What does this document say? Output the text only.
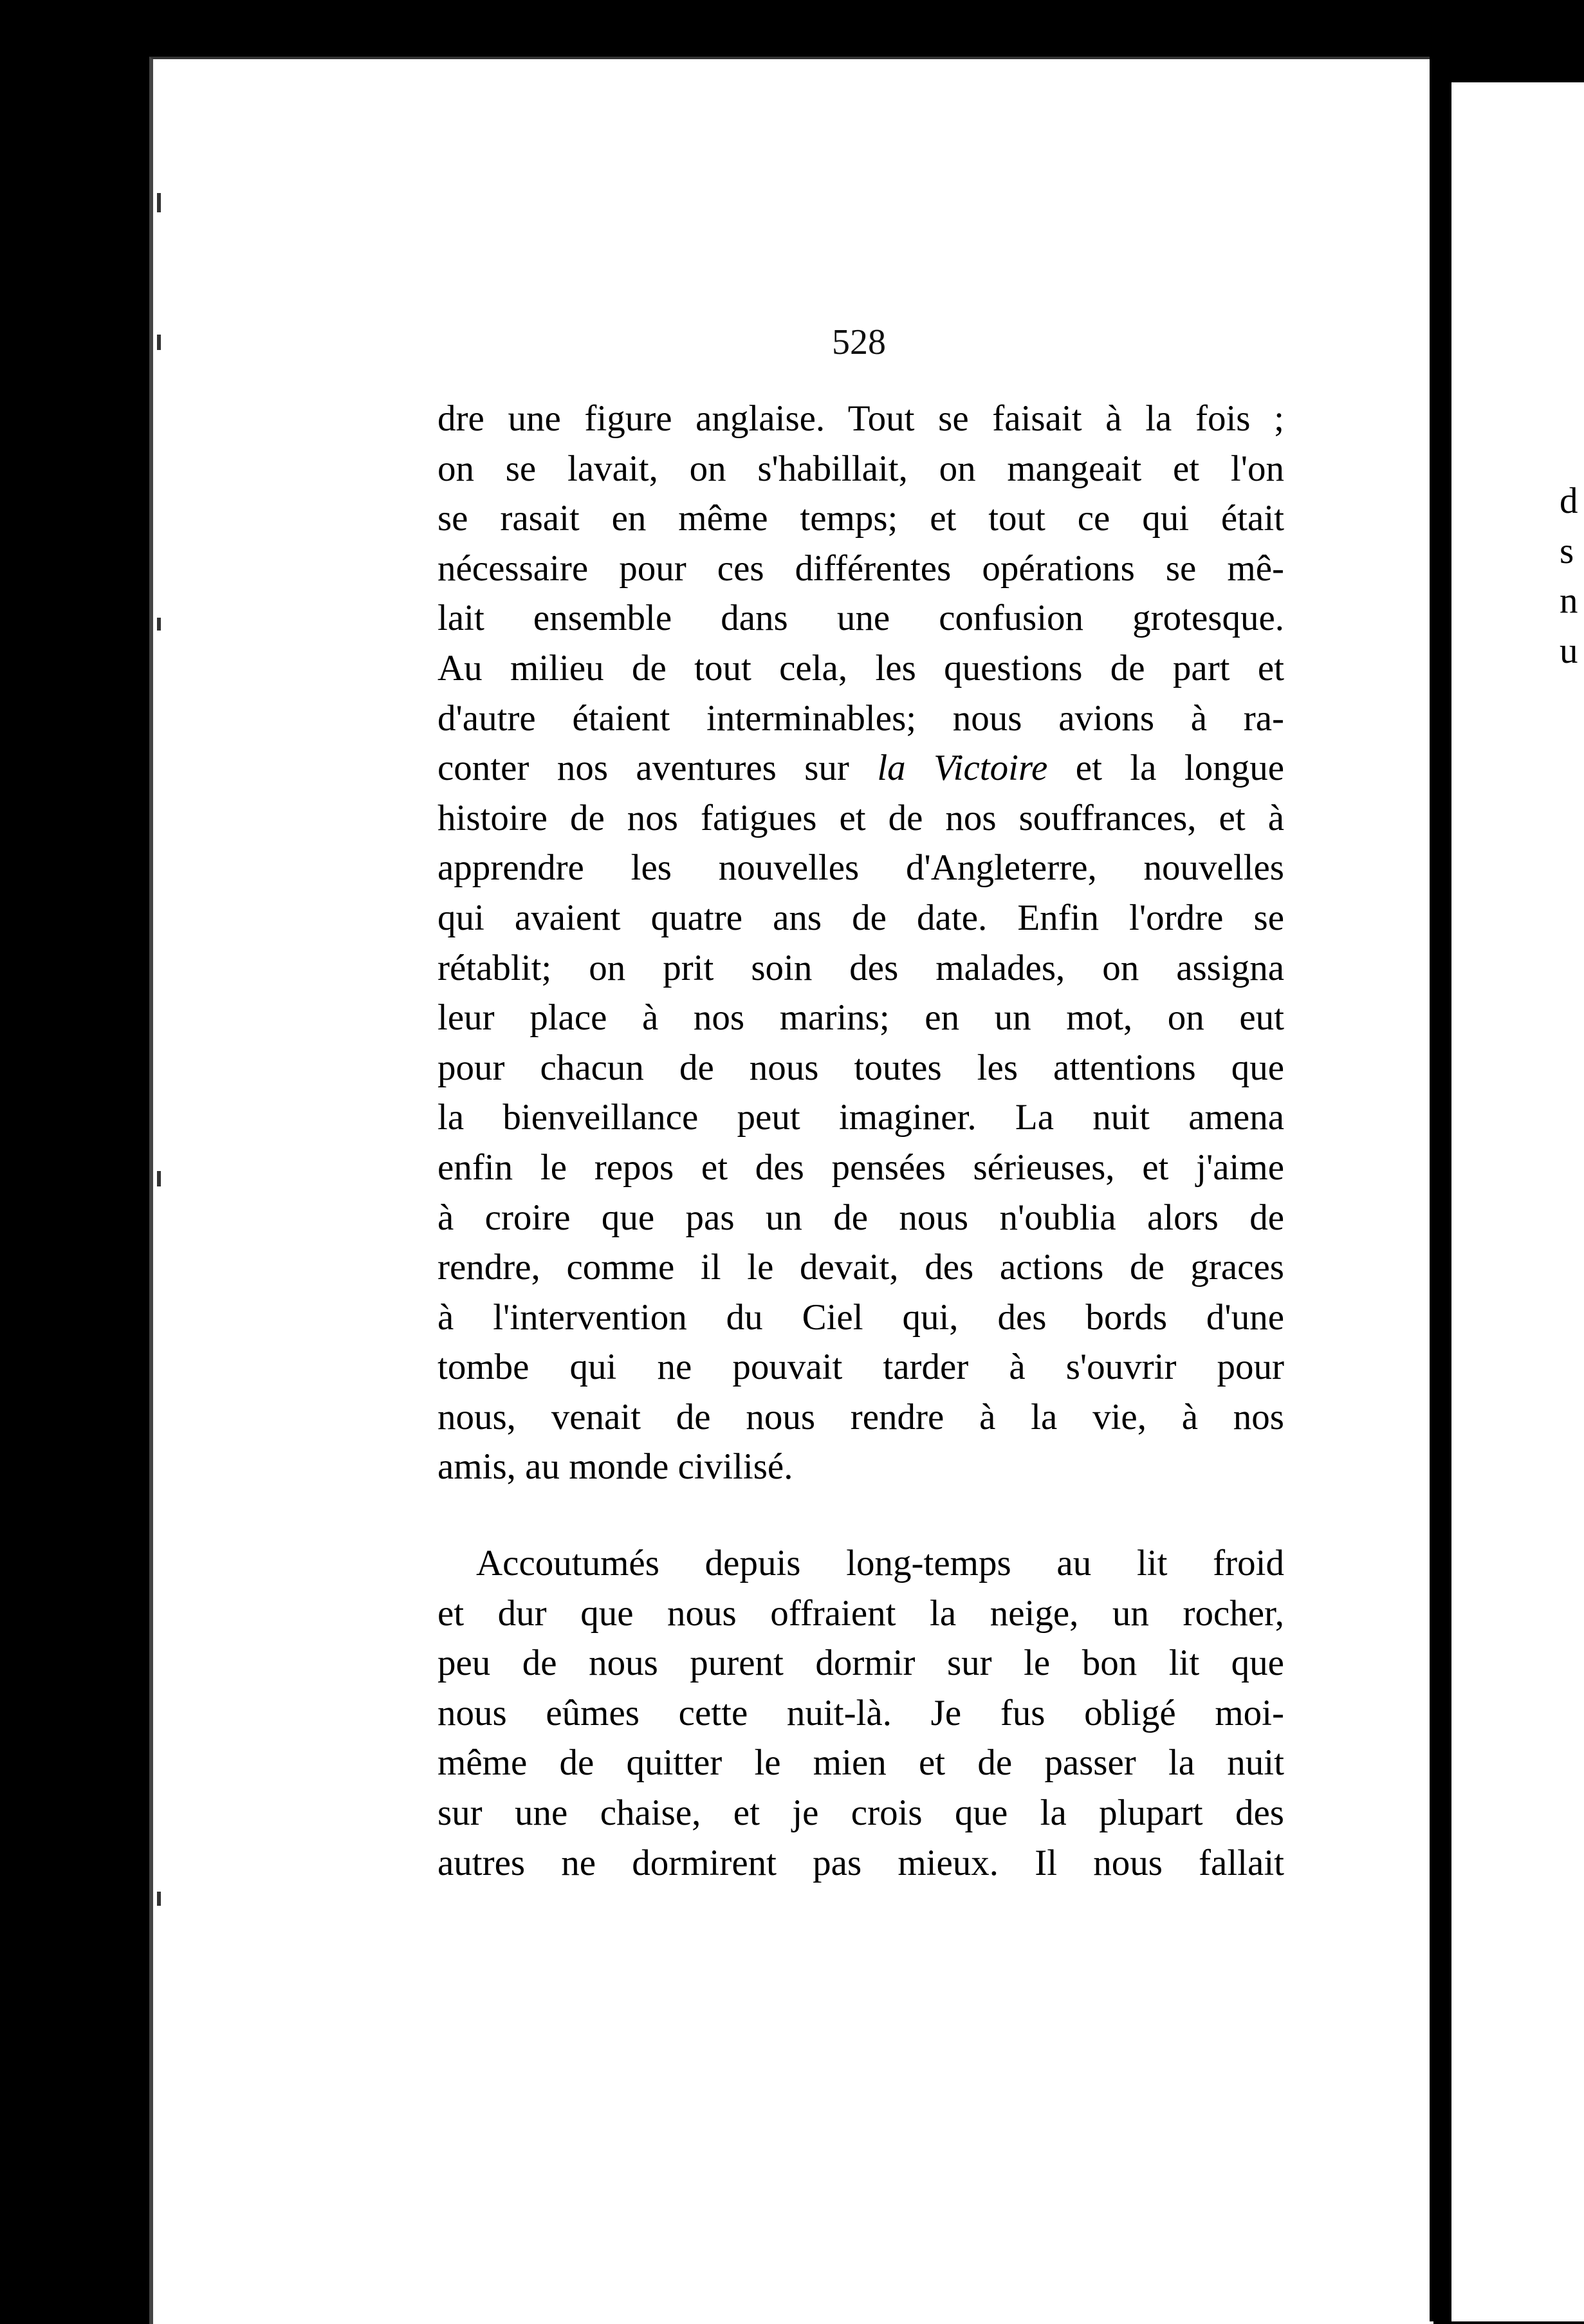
d
s
n
u
528
dre une figure anglaise. Tout se faisait à la fois ;
on se lavait, on s'habillait, on mangeait et l'on
se rasait en même temps; et tout ce qui était
nécessaire pour ces différentes opérations se mê-
lait ensemble dans une confusion grotesque.
Au milieu de tout cela, les questions de part et
d'autre étaient interminables; nous avions à ra-
conter nos aventures sur la Victoire et la longue
histoire de nos fatigues et de nos souffrances, et à
apprendre les nouvelles d'Angleterre, nouvelles
qui avaient quatre ans de date. Enfin l'ordre se
rétablit; on prit soin des malades, on assigna
leur place à nos marins; en un mot, on eut
pour chacun de nous toutes les attentions que
la bienveillance peut imaginer. La nuit amena
enfin le repos et des pensées sérieuses, et j'aime
à croire que pas un de nous n'oublia alors de
rendre, comme il le devait, des actions de graces
à l'intervention du Ciel qui, des bords d'une
tombe qui ne pouvait tarder à s'ouvrir pour
nous, venait de nous rendre à la vie, à nos
amis, au monde civilisé.
Accoutumés depuis long-temps au lit froid
et dur que nous offraient la neige, un rocher,
peu de nous purent dormir sur le bon lit que
nous eûmes cette nuit-là. Je fus obligé moi-
même de quitter le mien et de passer la nuit
sur une chaise, et je crois que la plupart des
autres ne dormirent pas mieux. Il nous fallait
